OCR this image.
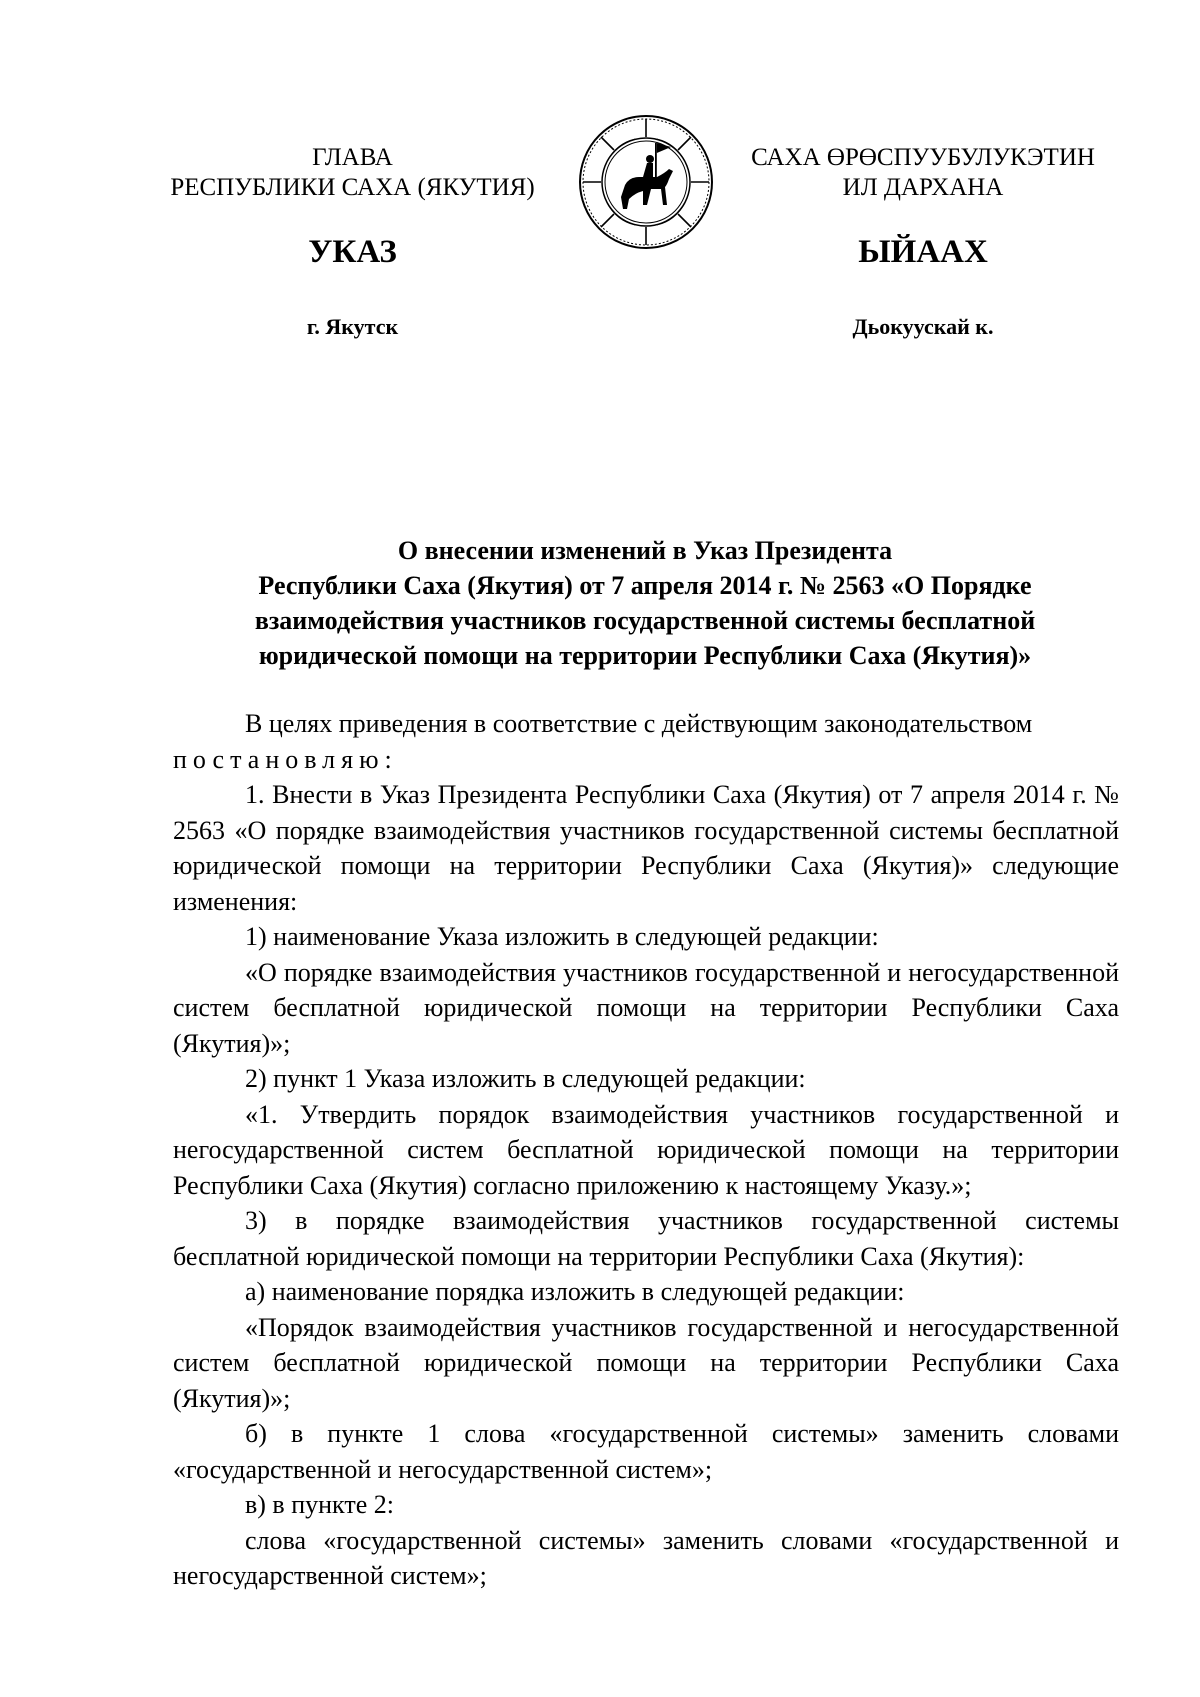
ГЛАВА
РЕСПУБЛИКИ САХА (ЯКУТИЯ)
САХА ӨРӨСПУУБУЛУКЭТИН
ИЛ ДАРХАНА
УКАЗ	ЫЙААХ
г. Якутск	Дьокуускай к.
О внесении изменений в Указ Президента
Республики Саха (Якутия) от 7 апреля 2014 г. № 2563 «О Порядке
взаимодействия участников государственной системы бесплатной
юридической помощи на территории Республики Саха (Якутия)»

В целях приведения в соответствие с действующим законодательством

постановляю:

1. Внести в Указ Президента Республики Саха (Якутия) от 7 апреля 2014 г. № 2563 «О порядке взаимодействия участников государственной системы бесплатной юридической помощи на территории Республики Саха (Якутия)» следующие изменения:

1) наименование Указа изложить в следующей редакции:

«О порядке взаимодействия участников государственной и негосударственной систем бесплатной юридической помощи на территории Республики Саха (Якутия)»;

2) пункт 1 Указа изложить в следующей редакции:

«1. Утвердить порядок взаимодействия участников государственной и негосударственной систем бесплатной юридической помощи на территории Республики Саха (Якутия) согласно приложению к настоящему Указу.»;

3) в порядке взаимодействия участников государственной системы бесплатной юридической помощи на территории Республики Саха (Якутия):

а) наименование порядка изложить в следующей редакции:

«Порядок взаимодействия участников государственной и негосударственной систем бесплатной юридической помощи на территории Республики Саха (Якутия)»;

б) в пункте 1 слова «государственной системы» заменить словами «государственной и негосударственной систем»;

в) в пункте 2:

слова «государственной системы» заменить словами «государственной и негосударственной систем»;
